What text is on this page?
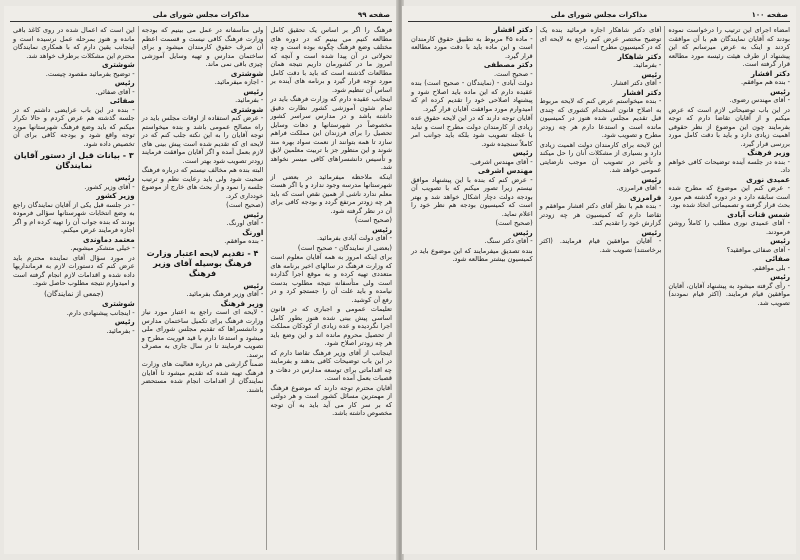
صفحه ۹۹
مذاکرات مجلس شورای ملی

فرهنگ را اگر بر اساس یک تحقیق کامل مطالعه کنیم می بینیم که در دوره های مختلف وضع فرهنگ چگونه بوده است و چه تحولاتی در آن پیدا شده است و آنچه که امروز ما در کشورمان داریم نتیجه همان مطالعات گذشته است که باید با دقت کامل مورد توجه قرار گیرد و برنامه های آینده بر اساس آن تنظیم شود.

اینجانب عقیده دارم که وزارت فرهنگ باید در تمام شئون آموزشی کشور نظارت دقیق داشته باشد و در مدارس سراسر کشور مخصوصاً در شهرستانها و دهات وسایل تحصیل را برای فرزندان این مملکت فراهم سازد تا همه بتوانند از نعمت سواد بهره مند شوند و این منظور جز با تربیت معلمین لایق و تأسیس دانشسراهای کافی میسر نخواهد شد.

اینکه ملاحظه میفرمائید در بعضی از شهرستانها مدرسه وجود ندارد و یا اگر هست معلم ندارد ناشی از همین نقص است که باید هر چه زودتر مرتفع گردد و بودجه کافی برای آن در نظر گرفته شود.

(صحیح است)

رئیس

- آقای دولت آبادی بفرمائید.

(بعضی از نمایندگان - صحیح است)

برای اینکه امروز به همه آقایان معلوم است که وزارت فرهنگ در سالهای اخیر برنامه های متعددی تهیه کرده و به موقع اجرا گذارده است ولی متأسفانه نتیجه مطلوب بدست نیامده و باید علت آن را جستجو کرد و در رفع آن کوشید.

تعلیمات عمومی و اجباری که در قانون اساسی پیش بینی شده هنوز بطور کامل اجرا نگردیده و عده زیادی از کودکان مملکت از تحصیل محروم مانده اند و این وضع باید هر چه زودتر اصلاح شود.

اینجانب از آقای وزیر فرهنگ تقاضا دارم که در این باب توضیحات کافی بدهند و بفرمایند چه اقداماتی برای توسعه مدارس در دهات و قصبات بعمل آمده است.

آقایان محترم توجه دارند که موضوع فرهنگ از مهمترین مسائل کشور است و هر دولتی که بر سر کار می آید باید به آن توجه مخصوص داشته باشد.

ولی متأسفانه در عمل می بینیم که بودجه وزارت فرهنگ کافی نیست و قسمت اعظم آن صرف حقوق کارمندان میشود و برای ساختمان مدارس و تهیه وسایل آموزشی چیزی باقی نمی ماند.

شوشتری

- اجازه میفرمائید.

رئیس

- بفرمائید.

شوشتری

- عرض کنم استفاده از اوقات مجلس باید در راه مصالح عمومی باشد و بنده میخواستم توجه آقایان را به این نکته جلب کنم که در لایحه ای که تقدیم شده است پیش بینی های لازم بعمل آمده و اگر آقایان موافقت فرمایند زودتر تصویب شود بهتر است.

البته بنده هم مخالف نیستم که درباره فرهنگ صحبت شود ولی باید رعایت نظم و ترتیب جلسه را نمود و از بحث های خارج از موضوع خودداری کرد.

(صحیح است)

رئیس

- آقای اورنگ.

اورنگ

- بنده موافقم.

۴ - تقدیم لایحه اعتبار وزارت فرهنگ بوسیله آقای وزیر فرهنگ
رئیس

- آقای وزیر فرهنگ بفرمائید.

وزیر فرهنگ

- لایحه ای است راجع به اعتبار مورد نیاز وزارت فرهنگ برای تکمیل ساختمان مدارس و دانشسراها که تقدیم مجلس شورای ملی میشود و استدعا دارم با قید فوریت مطرح و تصویب فرمایند تا در سال جاری به مصرف برسد.

ضمناً گزارشی هم درباره فعالیت های وزارت فرهنگ تهیه شده که تقدیم میشود تا آقایان نمایندگان از اقدامات انجام شده مستحضر باشند.

این است که اعمال شده در روی کاغذ باقی مانده و هنوز بمرحله عمل نرسیده است و اینجانب یقین دارم که با همکاری نمایندگان محترم این مشکلات برطرف خواهد شد.

شوشتری

- توضیح بفرمائید مقصود چیست.

رئیس

- آقای صفائی.

صفائی

- بنده در این باب عرایضی داشتم که در جلسه گذشته هم عرض کردم و حالا تکرار میکنم که باید وضع فرهنگ شهرستانها مورد توجه واقع شود و بودجه کافی برای آن تخصیص داده شود.

۳ - بیانات قبل از دستور آقایان نمایندگان
رئیس

- آقای وزیر کشور.

وزیر کشور

- در جلسه قبل یکی از آقایان نمایندگان راجع به وضع انتخابات شهرستانها سؤالی فرموده بودند که بنده جواب آن را تهیه کرده ام و اگر اجازه فرمایند عرض میکنم.

معتمد دماوندی

- خیلی متشکر میشویم.

در مورد سؤال آقای نماینده محترم باید عرض کنم که دستورات لازم به فرمانداریها داده شده و اقدامات لازم انجام گرفته است و امیدوارم نتیجه مطلوب حاصل شود.

(جمعی از نمایندگان)
شوشتری

- اینجانب پیشنهادی دارم.

رئیس

- بفرمائید.

صفحه ۱۰۰
مذاکرات مجلس شورای ملی

امضاء اجرای این ترتیب را درخواست نموده بودند که آقایان نمایندگان هم با آن موافقت کردند و اینک به عرض میرسانم که این پیشنهاد از طرف هیئت رئیسه مورد مطالعه قرار گرفته است.

دکتر افشار

- بنده هم موافقم.

رئیس

- آقای مهندس رضوی.

در این باب توضیحاتی لازم است که عرض میکنم و از آقایان تقاضا دارم که توجه بفرمایند چون این موضوع از نظر حقوقی اهمیت زیادی دارد و باید با دقت کامل مورد بررسی قرار گیرد.

وزیر فرهنگ

- بنده در جلسه آینده توضیحات کافی خواهم داد.

عمیدی نوری

- عرض کنم این موضوع که مطرح شده است سابقه دارد و در دوره گذشته هم مورد بحث قرار گرفته و تصمیماتی اتخاذ شده بود.

شمس قنات آبادی

- آقای عمیدی نوری مطلب را کاملاً روشن فرمودند.

رئیس

- آقای صفائی موافقید؟

صفائی

- بلی موافقم.

رئیس

- رأی گرفته میشود به پیشنهاد آقایان، آقایان موافقین قیام فرمایند. (اکثر قیام نمودند) تصویب شد.

آقای دکتر شاهکار اجازه فرمائید بنده یک توضیح مختصر عرض کنم راجع به لایحه ای که در کمیسیون مطرح است.

دکتر شاهکار

- بفرمائید.

رئیس

- آقای دکتر افشار.

دکتر افشار

- بنده میخواستم عرض کنم که لایحه مربوط به اصلاح قانون استخدام کشوری که چندی قبل تقدیم مجلس شده هنوز در کمیسیون مانده است و استدعا دارم هر چه زودتر مطرح و تصویب شود.

این لایحه برای کارمندان دولت اهمیت زیادی دارد و بسیاری از مشکلات آنان را حل میکند و تأخیر در تصویب آن موجب نارضایتی عمومی خواهد شد.

رئیس

- آقای فرامرزی.

فرامرزی

- بنده هم با نظر آقای دکتر افشار موافقم و تقاضا دارم که کمیسیون هر چه زودتر گزارش خود را تقدیم کند.

رئیس

- آقایان موافقین قیام فرمایند. (اکثر برخاستند) تصویب شد.

دکتر افشار

- ماده ۴۵ مربوط به تطبیق حقوق کارمندان است و این ماده باید با دقت مورد مطالعه قرار گیرد.

دکتر مصطفی

- صحیح است.

دولت آبادی - (نمایندگان - صحیح است) بنده عقیده دارم که این ماده باید اصلاح شود و پیشنهاد اصلاحی خود را تقدیم کرده ام که امیدوارم مورد موافقت آقایان قرار گیرد.

آقایان توجه دارند که در این لایحه حقوق عده زیادی از کارمندان دولت مطرح است و نباید با عجله تصویب شود بلکه باید جوانب امر کاملاً سنجیده شود.

رئیس

- آقای مهندس اشرفی.

مهندس اشرفی

- عرض کنم که بنده با این پیشنهاد موافق نیستم زیرا تصور میکنم که با تصویب آن بودجه دولت دچار اشکال خواهد شد و بهتر است که کمیسیون بودجه هم نظر خود را اعلام نماید.

(صحیح است)

رئیس

- آقای دکتر سنگ.

بنده تصدیق میفرمایند که این موضوع باید در کمیسیون بیشتر مطالعه شود.
